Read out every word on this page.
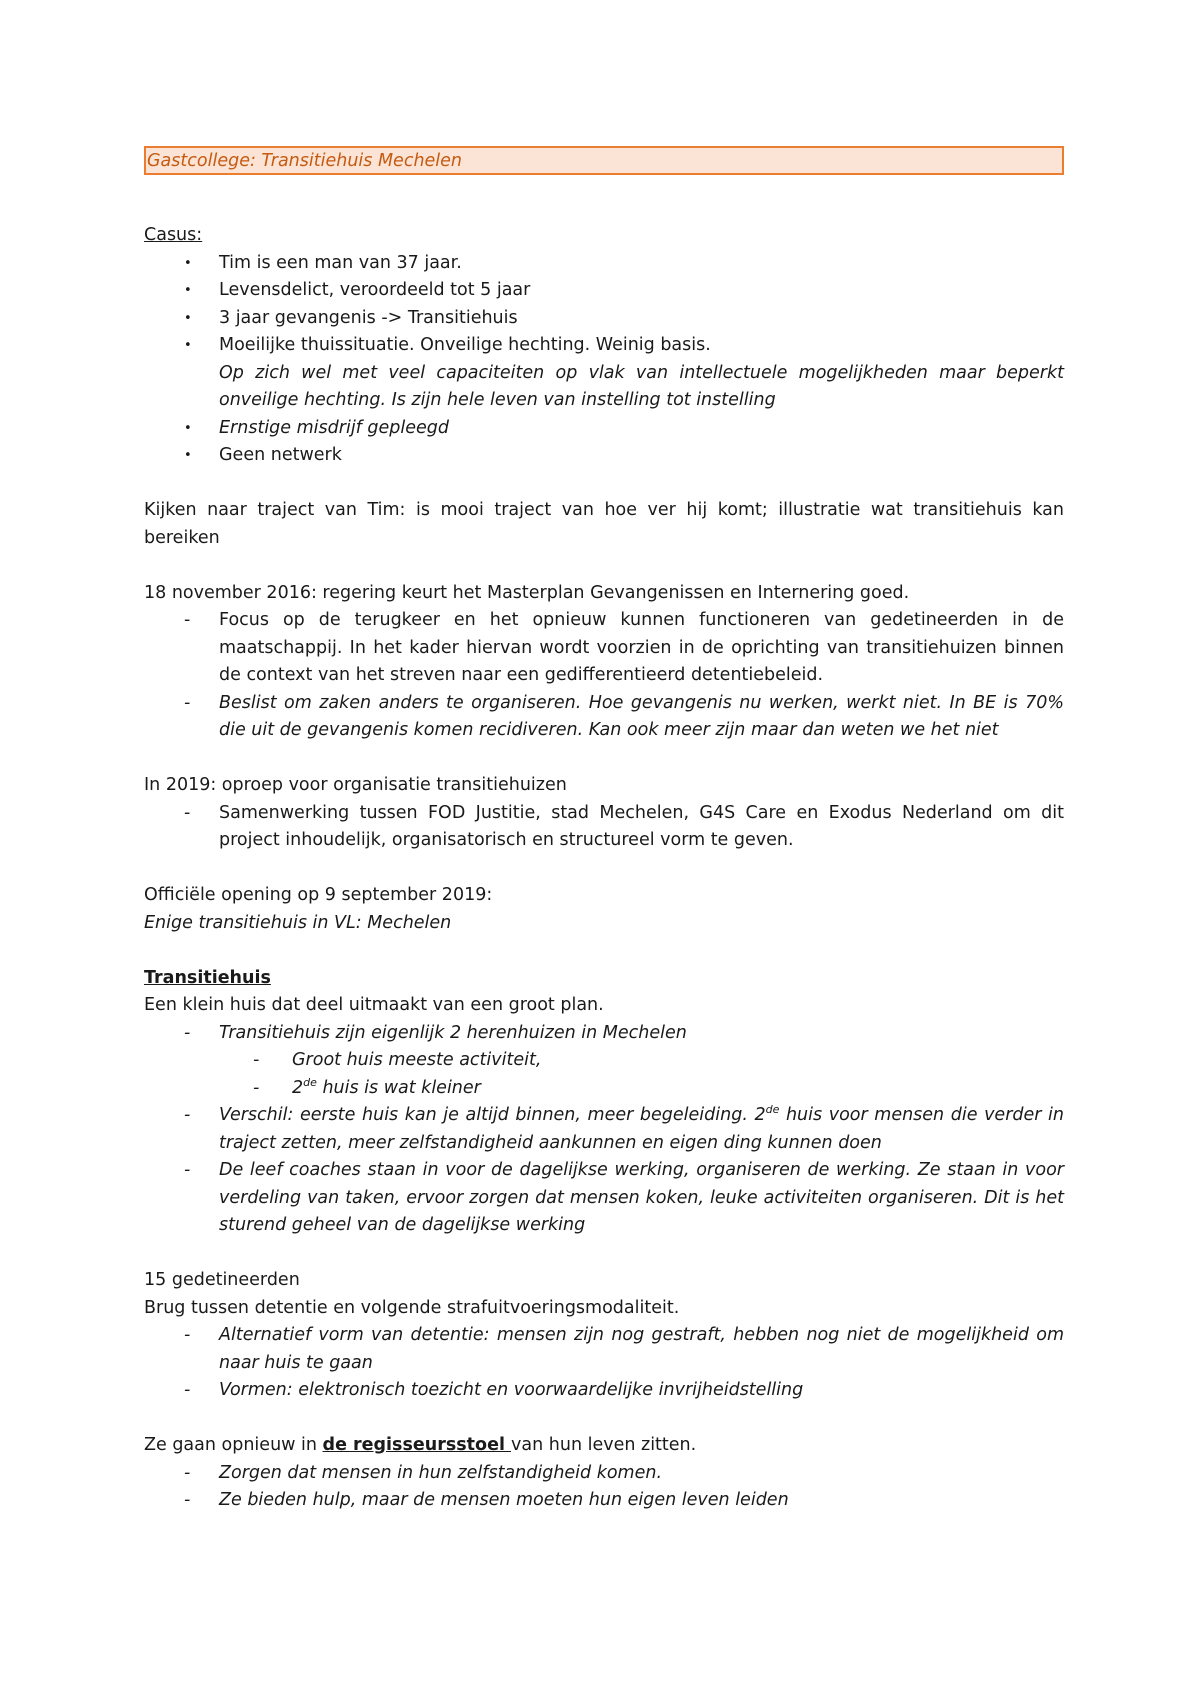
Gastcollege: Transitiehuis Mechelen

Casus:

• Tim is een man van 37 jaar.
• Levensdelict, veroordeeld tot 5 jaar
• 3 jaar gevangenis -> Transitiehuis
• Moeilijke thuissituatie. Onveilige hechting. Weinig basis.
Op zich wel met veel capaciteiten op vlak van intellectuele mogelijkheden maar beperkt onveilige hechting. Is zijn hele leven van instelling tot instelling
• Ernstige misdrijf gepleegd
• Geen netwerk

Kijken naar traject van Tim: is mooi traject van hoe ver hij komt; illustratie wat transitiehuis kan bereiken

18 november 2016: regering keurt het Masterplan Gevangenissen en Internering goed.

- Focus op de terugkeer en het opnieuw kunnen functioneren van gedetineerden in de maatschappij. In het kader hiervan wordt voorzien in de oprichting van transitiehuizen binnen de context van het streven naar een gedifferentieerd detentiebeleid.
- Beslist om zaken anders te organiseren. Hoe gevangenis nu werken, werkt niet. In BE is 70% die uit de gevangenis komen recidiveren. Kan ook meer zijn maar dan weten we het niet

In 2019: oproep voor organisatie transitiehuizen

- Samenwerking tussen FOD Justitie, stad Mechelen, G4S Care en Exodus Nederland om dit project inhoudelijk, organisatorisch en structureel vorm te geven.

Officiële opening op 9 september 2019:

Enige transitiehuis in VL: Mechelen

Transitiehuis

Een klein huis dat deel uitmaakt van een groot plan.

- Transitiehuis zijn eigenlijk 2 herenhuizen in Mechelen
- Groot huis meeste activiteit,
- 2de huis is wat kleiner
- Verschil: eerste huis kan je altijd binnen, meer begeleiding. 2de huis voor mensen die verder in traject zetten, meer zelfstandigheid aankunnen en eigen ding kunnen doen
- De leef coaches staan in voor de dagelijkse werking, organiseren de werking. Ze staan in voor verdeling van taken, ervoor zorgen dat mensen koken, leuke activiteiten organiseren. Dit is het sturend geheel van de dagelijkse werking

15 gedetineerden

Brug tussen detentie en volgende strafuitvoeringsmodaliteit.

- Alternatief vorm van detentie: mensen zijn nog gestraft, hebben nog niet de mogelijkheid om naar huis te gaan
- Vormen: elektronisch toezicht en voorwaardelijke invrijheidstelling

Ze gaan opnieuw in de regisseursstoel van hun leven zitten.

- Zorgen dat mensen in hun zelfstandigheid komen.
- Ze bieden hulp, maar de mensen moeten hun eigen leven leiden
